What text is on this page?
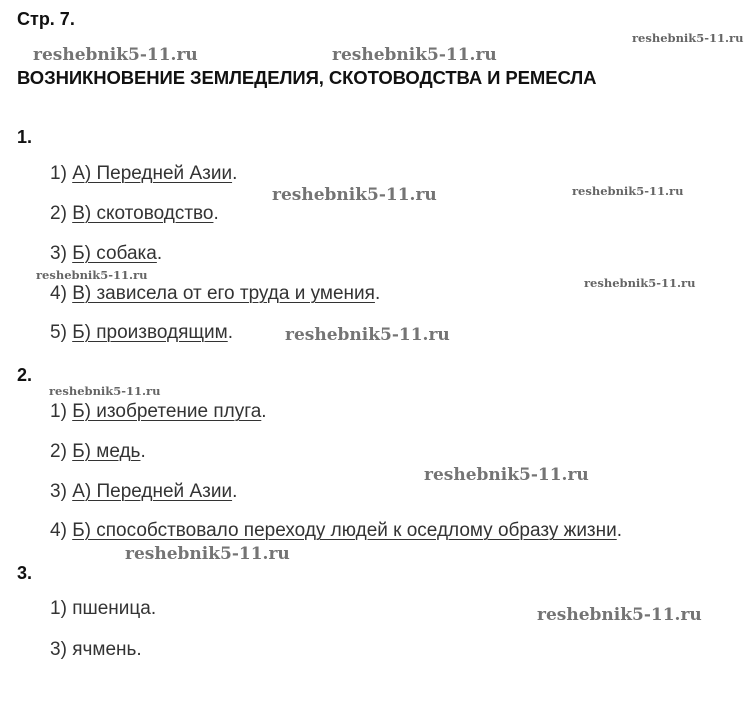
Стр. 7.
ВОЗНИКНОВЕНИЕ ЗЕМЛЕДЕЛИЯ, СКОТОВОДСТВА И РЕМЕСЛА
1.
1) А) Передней Азии.
2) В) скотоводство.
3) Б) собака.
4) В) зависела от его труда и умения.
5) Б) производящим.
2.
1) Б) изобретение плуга.
2) Б) медь.
3) А) Передней Азии.
4) Б) способствовало переходу людей к оседлому образу жизни.
3.
1) пшеница.
3) ячмень.
reshebnik5-11.ru
reshebnik5-11.ru	reshebnik5-11.ru
reshebnik5-11.ru	reshebnik5-11.ru
reshebnik5-11.ru
reshebnik5-11.ru
reshebnik5-11.ru
reshebnik5-11.ru
reshebnik5-11.ru
reshebnik5-11.ru
reshebnik5-11.ru
